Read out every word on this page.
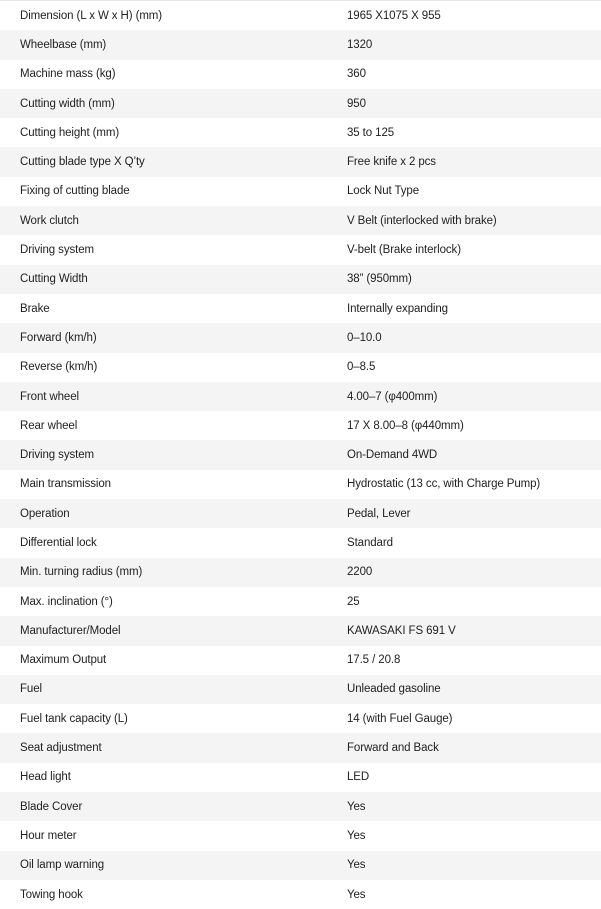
Dimension (L x W x H) (mm)	1965 X1075 X 955
Wheelbase (mm)	1320
Machine mass (kg)	360
Cutting width (mm)	950
Cutting height (mm)	35 to 125
Cutting blade type X Q’ty	Free knife x 2 pcs
Fixing of cutting blade	Lock Nut Type
Work clutch	V Belt (interlocked with brake)
Driving system	V-belt (Brake interlock)
Cutting Width	38” (950mm)
Brake	Internally expanding
Forward (km/h)	0–10.0
Reverse (km/h)	0–8.5
Front wheel	4.00–7 (φ400mm)
Rear wheel	17 X 8.00–8 (φ440mm)
Driving system	On-Demand 4WD
Main transmission	Hydrostatic (13 cc, with Charge Pump)
Operation	Pedal, Lever
Differential lock	Standard
Min. turning radius (mm)	2200
Max. inclination (°)	25
Manufacturer/Model	KAWASAKI FS 691 V
Maximum Output	17.5 / 20.8
Fuel	Unleaded gasoline
Fuel tank capacity (L)	14 (with Fuel Gauge)
Seat adjustment	Forward and Back
Head light	LED
Blade Cover	Yes
Hour meter	Yes
Oil lamp warning	Yes
Towing hook	Yes
